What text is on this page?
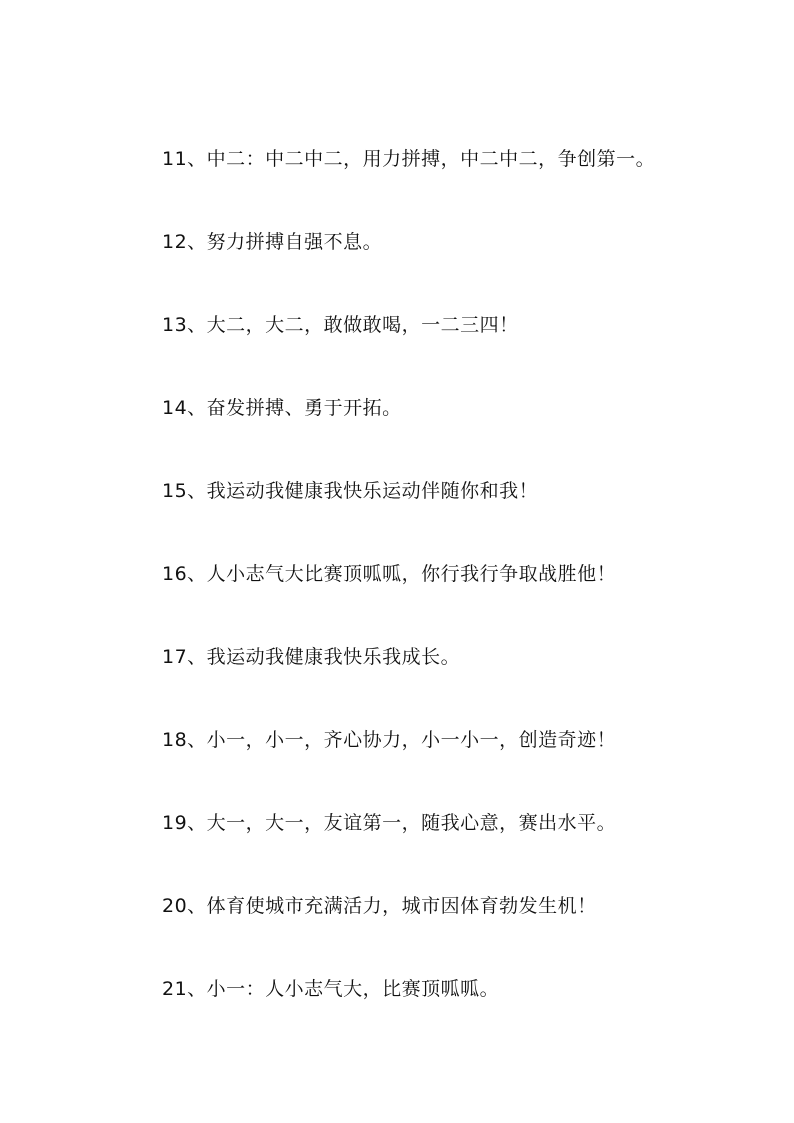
11、中二：中二中二，用力拼搏，中二中二，争创第一。
12、努力拼搏自强不息。
13、大二，大二，敢做敢喝，一二三四！
14、奋发拼搏、勇于开拓。
15、我运动我健康我快乐运动伴随你和我！
16、人小志气大比赛顶呱呱，你行我行争取战胜他！
17、我运动我健康我快乐我成长。
18、小一，小一，齐心协力，小一小一，创造奇迹！
19、大一，大一，友谊第一，随我心意，赛出水平。
20、体育使城市充满活力，城市因体育勃发生机！
21、小一：人小志气大，比赛顶呱呱。
